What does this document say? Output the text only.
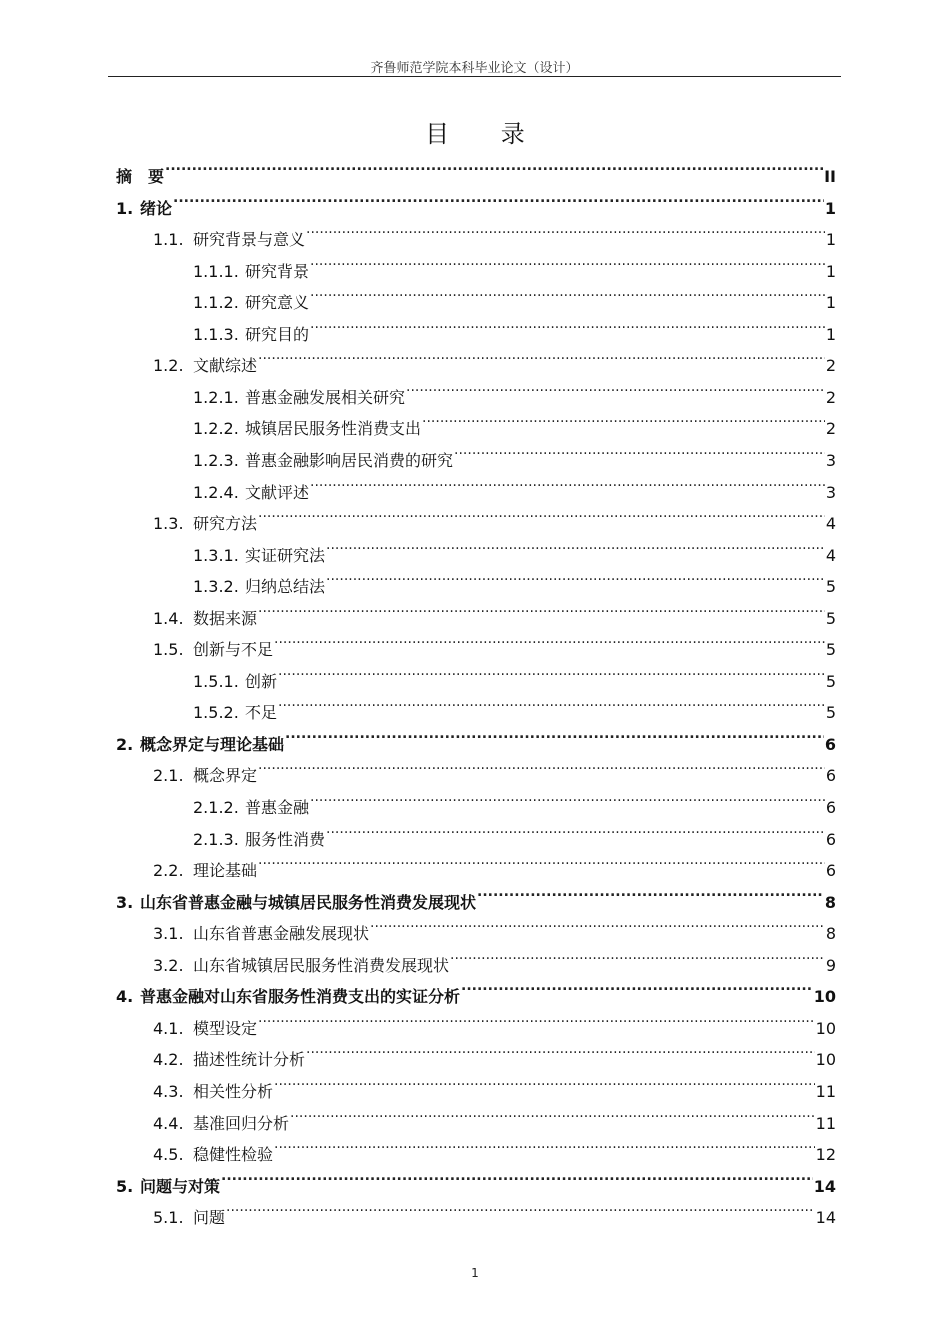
齐鲁师范学院本科毕业论文（设计）
目 录
摘　要 .....	II
1. 绪论 .....	1
1.1. 研究背景与意义 .....	1
1.1.1. 研究背景 .....	1
1.1.2. 研究意义 .....	1
1.1.3. 研究目的 .....	1
1.2. 文献综述 .....	2
1.2.1. 普惠金融发展相关研究 .....	2
1.2.2. 城镇居民服务性消费支出 .....	2
1.2.3. 普惠金融影响居民消费的研究 .....	3
1.2.4. 文献评述 .....	3
1.3. 研究方法 .....	4
1.3.1. 实证研究法 .....	4
1.3.2. 归纳总结法 .....	5
1.4. 数据来源 .....	5
1.5. 创新与不足 .....	5
1.5.1. 创新 .....	5
1.5.2. 不足 .....	5
2. 概念界定与理论基础 .....	6
2.1. 概念界定 .....	6
2.1.2. 普惠金融 .....	6
2.1.3. 服务性消费 .....	6
2.2. 理论基础 .....	6
3. 山东省普惠金融与城镇居民服务性消费发展现状 .....	8
3.1. 山东省普惠金融发展现状 .....	8
3.2. 山东省城镇居民服务性消费发展现状 .....	9
4. 普惠金融对山东省服务性消费支出的实证分析 .....	10
4.1. 模型设定 .....	10
4.2. 描述性统计分析 .....	10
4.3. 相关性分析 .....	11
4.4. 基准回归分析 .....	11
4.5. 稳健性检验 .....	12
5. 问题与对策 .....	14
5.1. 问题 .....	14
1
